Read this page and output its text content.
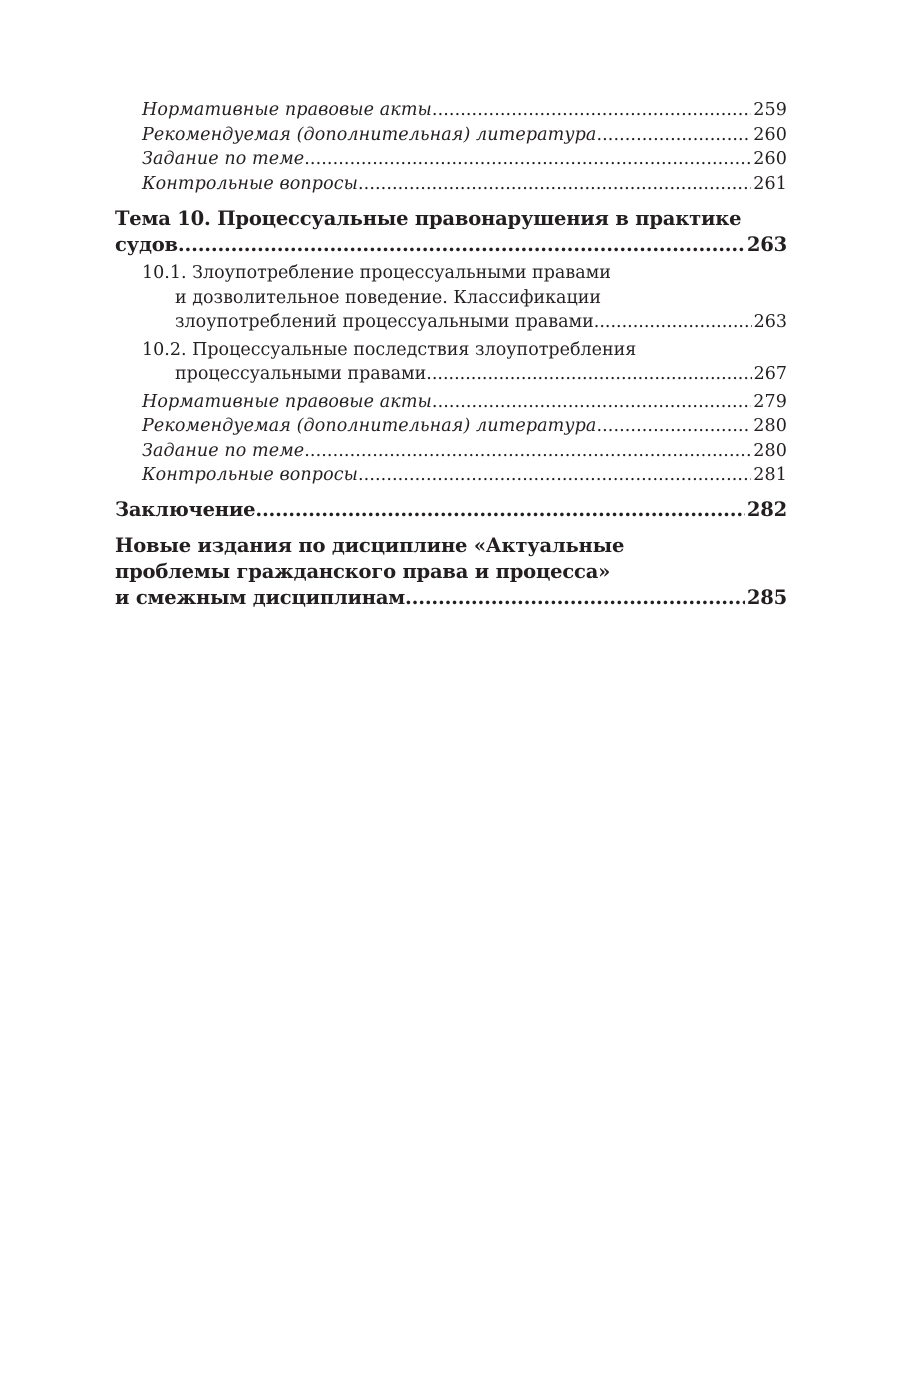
Нормативные правовые акты .....	259
Рекомендуемая (дополнительная) литература .....	260
Задание по теме .....	260
Контрольные вопросы .....	261
Тема 10. Процессуальные правонарушения в практике
судов .....	263
10.1. Злоупотребление процессуальными правами
и дозволительное поведение. Классификации
злоупотреблений процессуальными правами .....	263
10.2. Процессуальные последствия злоупотребления
процессуальными правами .....	267
Нормативные правовые акты .....	279
Рекомендуемая (дополнительная) литература .....	280
Задание по теме .....	280
Контрольные вопросы .....	281
Заключение .....	282
Новые издания по дисциплине «Актуальные
проблемы гражданского права и процесса»
и смежным дисциплинам .....	285
